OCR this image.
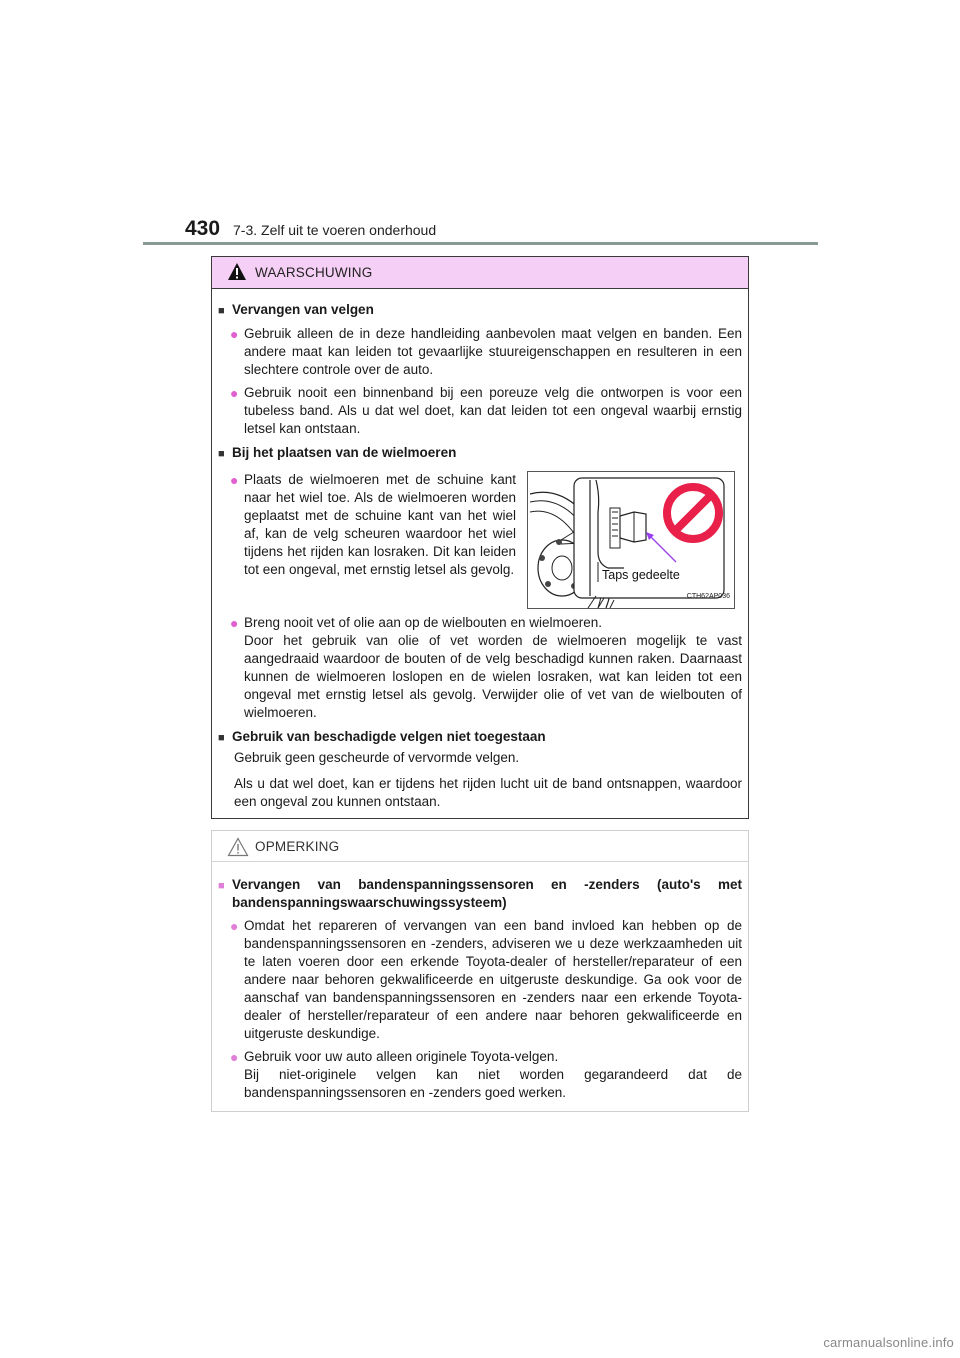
430 7-3. Zelf uit te voeren onderhoud
WAARSCHUWING
■ Vervangen van velgen
● Gebruik alleen de in deze handleiding aanbevolen maat velgen en banden. Een andere maat kan leiden tot gevaarlijke stuureigenschappen en resulteren in een slechtere controle over de auto.
● Gebruik nooit een binnenband bij een poreuze velg die ontworpen is voor een tubeless band. Als u dat wel doet, kan dat leiden tot een ongeval waarbij ernstig letsel kan ontstaan.
■ Bij het plaatsen van de wielmoeren
● Plaats de wielmoeren met de schuine kant naar het wiel toe. Als de wielmoeren worden geplaatst met de schuine kant van het wiel af, kan de velg scheuren waardoor het wiel tijdens het rijden kan losraken. Dit kan leiden tot een ongeval, met ernstig letsel als gevolg.	Taps gedeelte
CTH62AP036
● Breng nooit vet of olie aan op de wielbouten en wielmoeren.
Door het gebruik van olie of vet worden de wielmoeren mogelijk te vast aangedraaid waardoor de bouten of de velg beschadigd kunnen raken. Daarnaast kunnen de wielmoeren loslopen en de wielen losraken, wat kan leiden tot een ongeval met ernstig letsel als gevolg. Verwijder olie of vet van de wielbouten of wielmoeren.
■ Gebruik van beschadigde velgen niet toegestaan
Gebruik geen gescheurde of vervormde velgen.
Als u dat wel doet, kan er tijdens het rijden lucht uit de band ontsnappen, waardoor een ongeval zou kunnen ontstaan.
OPMERKING
■ Vervangen van bandenspanningssensoren en -zenders (auto's met bandenspanningswaarschuwingssysteem)
● Omdat het repareren of vervangen van een band invloed kan hebben op de bandenspanningssensoren en -zenders, adviseren we u deze werkzaamheden uit te laten voeren door een erkende Toyota-dealer of hersteller/reparateur of een andere naar behoren gekwalificeerde en uitgeruste deskundige. Ga ook voor de aanschaf van bandenspanningssensoren en -zenders naar een erkende Toyota-dealer of hersteller/reparateur of een andere naar behoren gekwalificeerde en uitgeruste deskundige.
● Gebruik voor uw auto alleen originele Toyota-velgen.
Bij niet-originele velgen kan niet worden gegarandeerd dat de bandenspanningssensoren en -zenders goed werken.
carmanualsonline.info
